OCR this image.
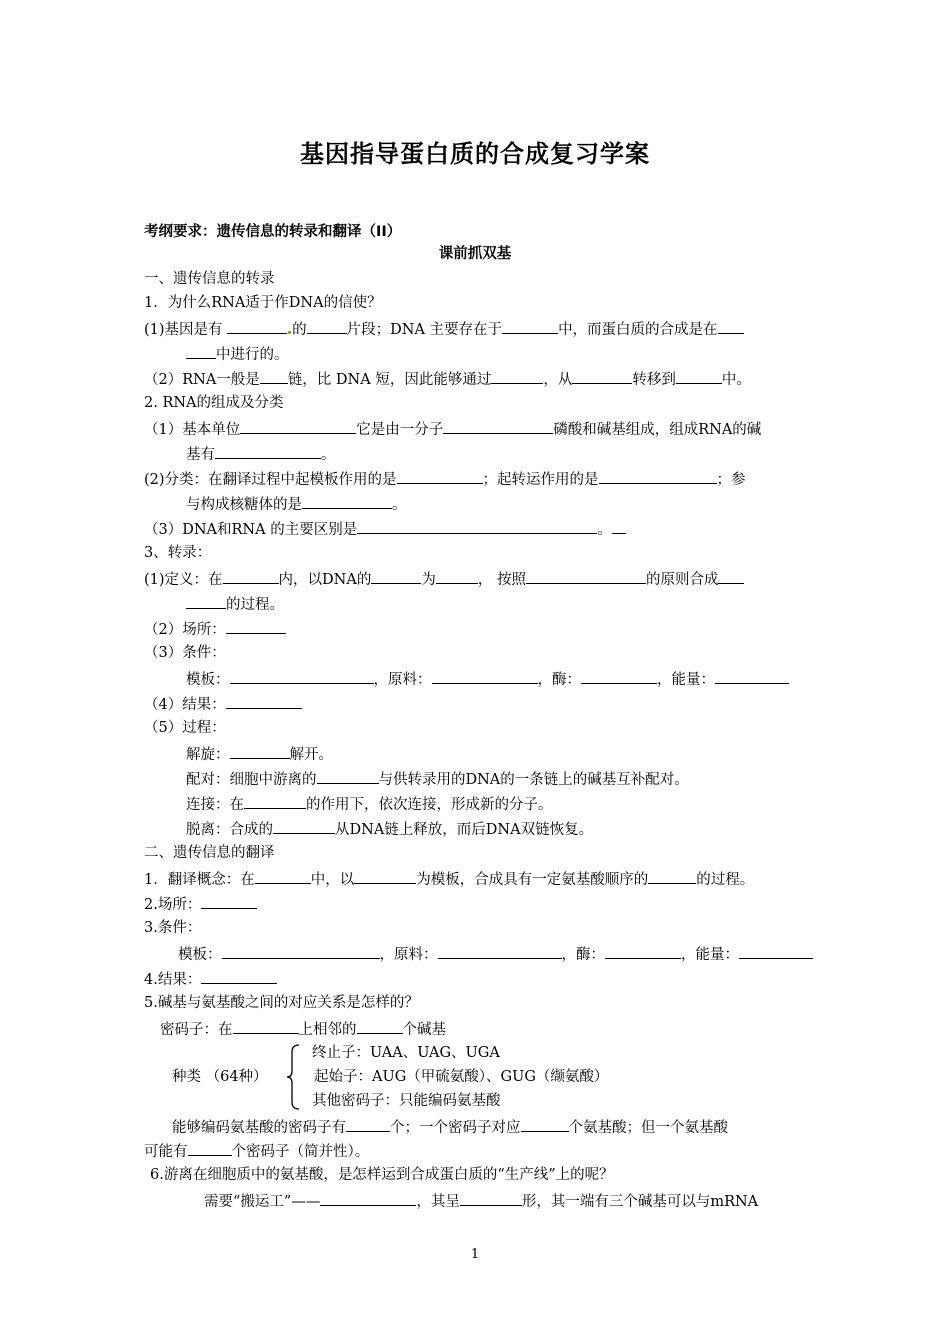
基因指导蛋白质的合成复习学案
考纲要求：遗传信息的转录和翻译（II）
课前抓双基
一、遗传信息的转录
1．为什么RNA适于作DNA的信使？
(1)基因是有	的	片段；DNA 主要存在于	中，而蛋白质的合成是在
中进行的。
（2）RNA一般是 链，比 DNA 短，因此能够通过	，从	转移到	中。
2. RNA的组成及分类
（1）基本单位	它是由一分子	磷酸和碱基组成，组成RNA的碱
基有	。
(2)分类：在翻译过程中起模板作用的是	；起转运作用的是	；参
与构成核糖体的是	。
（3）DNA和RNA 的主要区别是	。
3、转录：
(1)定义：在	内，以DNA的	为	， 按照	的原则合成
的过程。
（2）场所：
（3）条件：
模板：	，原料：	，酶：	，能量：
（4）结果：
（5）过程：
解旋：	解开。
配对：细胞中游离的	与供转录用的DNA的一条链上的碱基互补配对。
连接：在	的作用下，依次连接，形成新的分子。
脱离：合成的	从DNA链上释放，而后DNA双链恢复。
二、遗传信息的翻译
1．翻译概念：在	中，以	为模板，合成具有一定氨基酸顺序的	的过程。
2.场所：
3.条件：
模板：	，原料：	，酶：	，能量：
4.结果：
5.碱基与氨基酸之间的对应关系是怎样的？
密码子：在	上相邻的	个碱基
种类 （64种）
终止子：UAA、UAG、UGA
起始子：AUG（甲硫氨酸）、GUG（缬氨酸）
其他密码子：只能编码氨基酸
能够编码氨基酸的密码子有	个；一个密码子对应	个氨基酸；但一个氨基酸
可能有	个密码子（简并性）。
6.游离在细胞质中的氨基酸，是怎样运到合成蛋白质的“生产线”上的呢？
需要“搬运工”——	，其呈	形，其一端有三个碱基可以与mRNA
1
